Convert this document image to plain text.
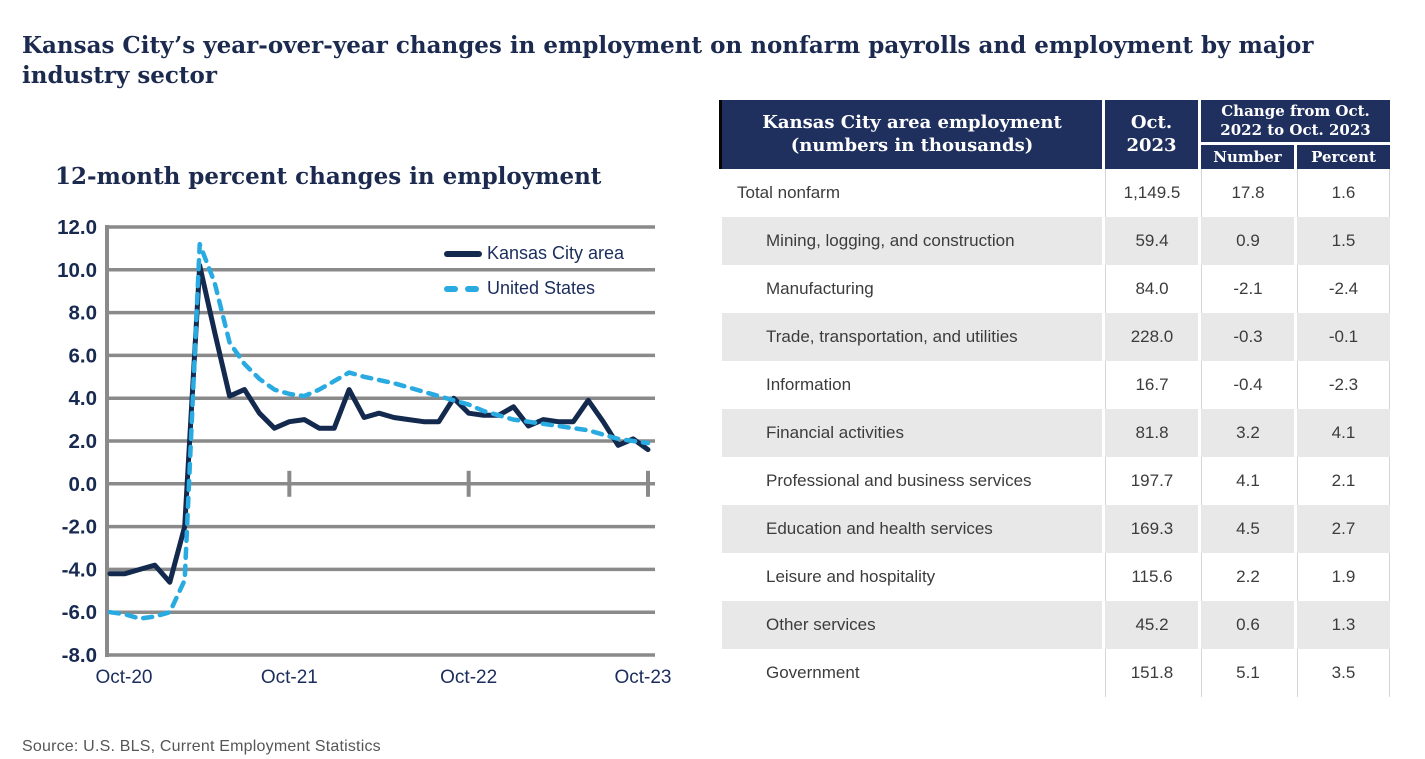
Kansas City’s year-over-year changes in employment on nonfarm payrolls and employment by major industry sector
12-month percent changes in employment
12.0
10.0
8.0
6.0
4.0
2.0
0.0
-2.0
-4.0
-6.0
-8.0
Oct-20	Oct-21	Oct-22	Oct-23
Kansas City area
United States
Kansas City area employment (numbers in thousands)
Oct. 2023
Change from Oct. 2022 to Oct. 2023
Number	Percent
Total nonfarm	1,149.5	17.8	1.6
Mining, logging, and construction	59.4	0.9	1.5
Manufacturing	84.0	-2.1	-2.4
Trade, transportation, and utilities	228.0	-0.3	-0.1
Information	16.7	-0.4	-2.3
Financial activities	81.8	3.2	4.1
Professional and business services	197.7	4.1	2.1
Education and health services	169.3	4.5	2.7
Leisure and hospitality	115.6	2.2	1.9
Other services	45.2	0.6	1.3
Government	151.8	5.1	3.5

Source: U.S. BLS, Current Employment Statistics
